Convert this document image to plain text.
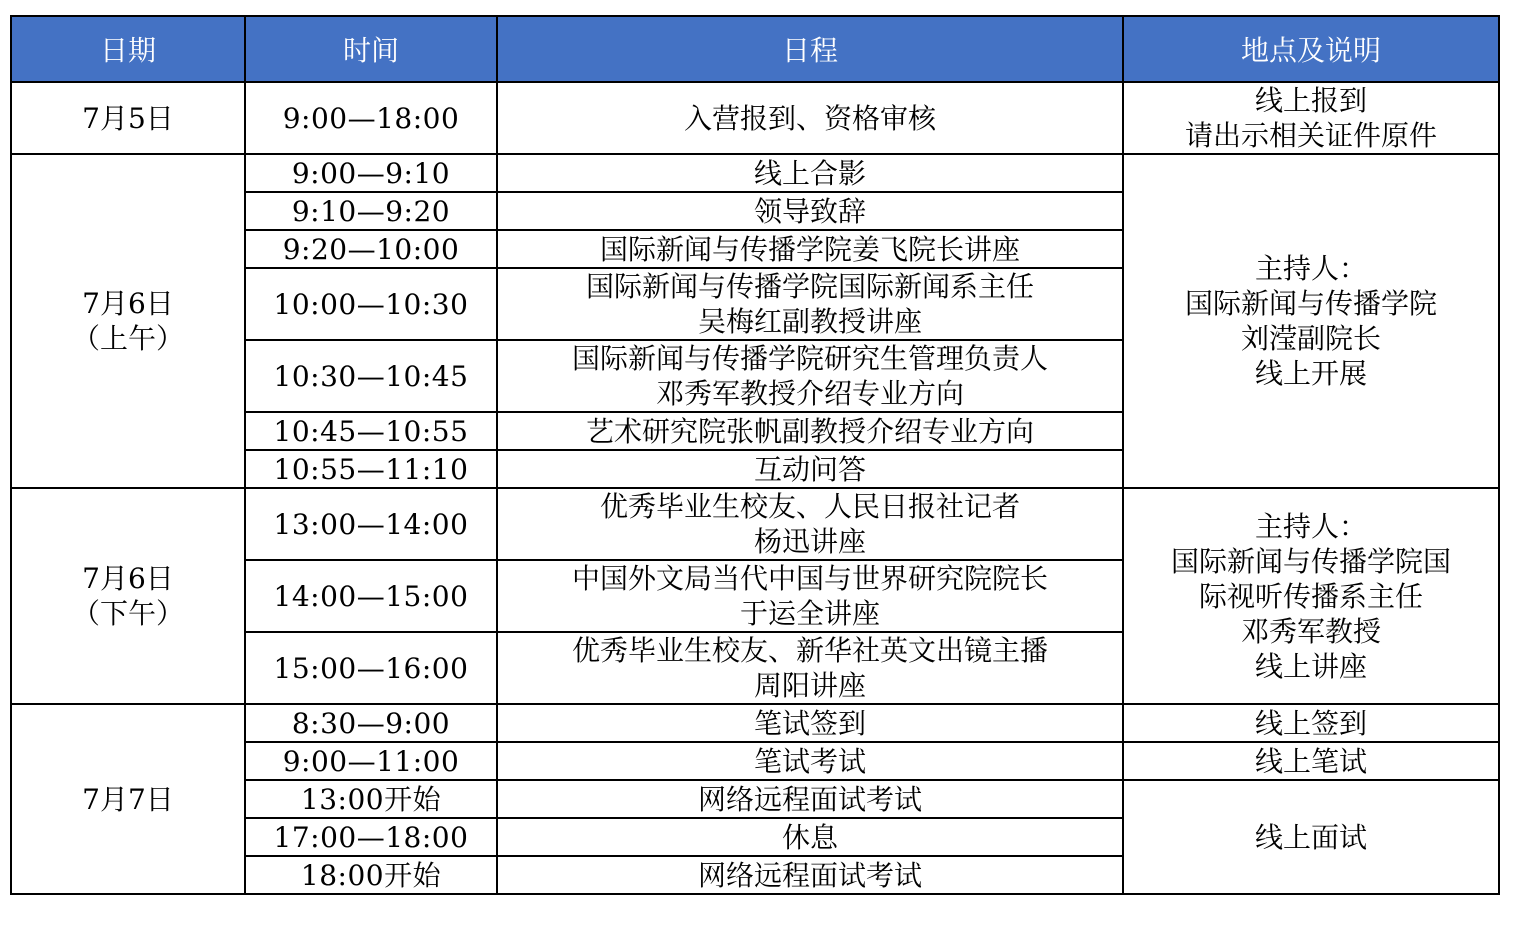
日期	时间	日程	地点及说明

7月5日	9:00—18:00	入营报到、资格审核	线上报到
请出示相关证件原件

7月6日
（上午）	9:00—9:10	线上合影	主持人：
国际新闻与传播学院
刘滢副院长
线上开展

	9:10—9:20	领导致辞	

	9:20—10:00	国际新闻与传播学院姜飞院长讲座	

	10:00—10:30	国际新闻与传播学院国际新闻系主任
吴梅红副教授讲座	

	10:30—10:45	国际新闻与传播学院研究生管理负责人
邓秀军教授介绍专业方向	

	10:45—10:55	艺术研究院张帆副教授介绍专业方向	

	10:55—11:10	互动问答	

7月6日
（下午）	13:00—14:00	优秀毕业生校友、人民日报社记者
杨迅讲座	主持人：
国际新闻与传播学院国
际视听传播系主任
邓秀军教授
线上讲座

	14:00—15:00	中国外文局当代中国与世界研究院院长
于运全讲座	

	15:00—16:00	优秀毕业生校友、新华社英文出镜主播
周阳讲座	

7月7日	8:30—9:00	笔试签到	线上签到

	9:00—11:00	笔试考试	线上笔试

	13:00开始	网络远程面试考试	线上面试

	17:00—18:00	休息	

	18:00开始	网络远程面试考试	
